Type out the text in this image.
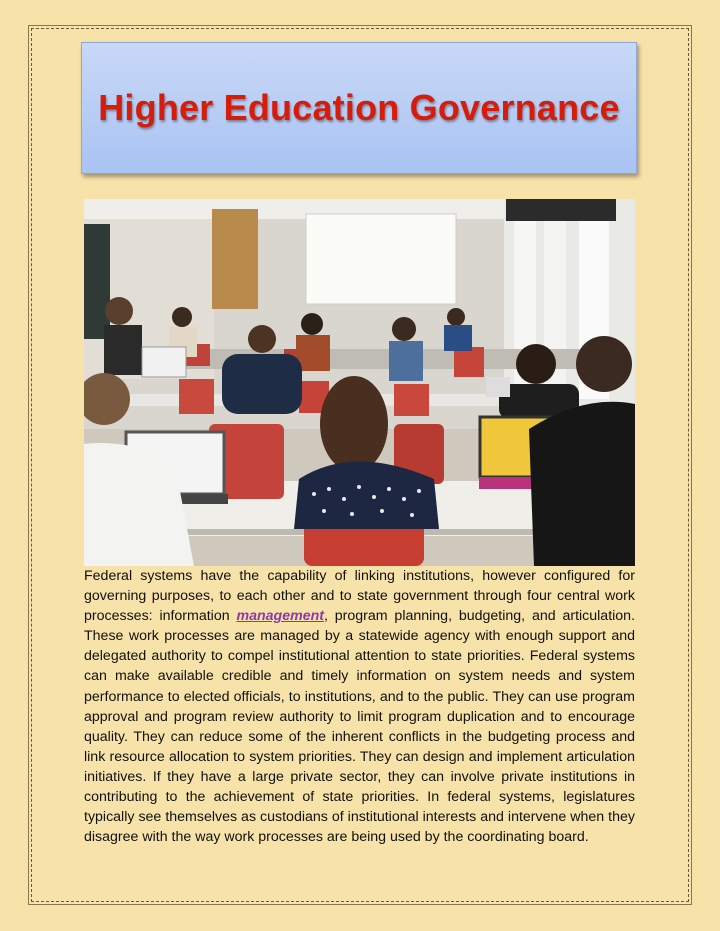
Higher Education Governance
Federal systems have the capability of linking institutions, however configured for governing purposes, to each other and to state government through four central work processes: information management, program planning, budgeting, and articulation. These work processes are managed by a statewide agency with enough support and delegated authority to compel institutional attention to state priorities. Federal systems can make available credible and timely information on system needs and system performance to elected officials, to institutions, and to the public. They can use program approval and program review authority to limit program duplication and to encourage quality. They can reduce some of the inherent conflicts in the budgeting process and link resource allocation to system priorities. They can design and implement articulation initiatives. If they have a large private sector, they can involve private institutions in contributing to the achievement of state priorities. In federal systems, legislatures typically see themselves as custodians of institutional interests and intervene when they disagree with the way work processes are being used by the coordinating board.
